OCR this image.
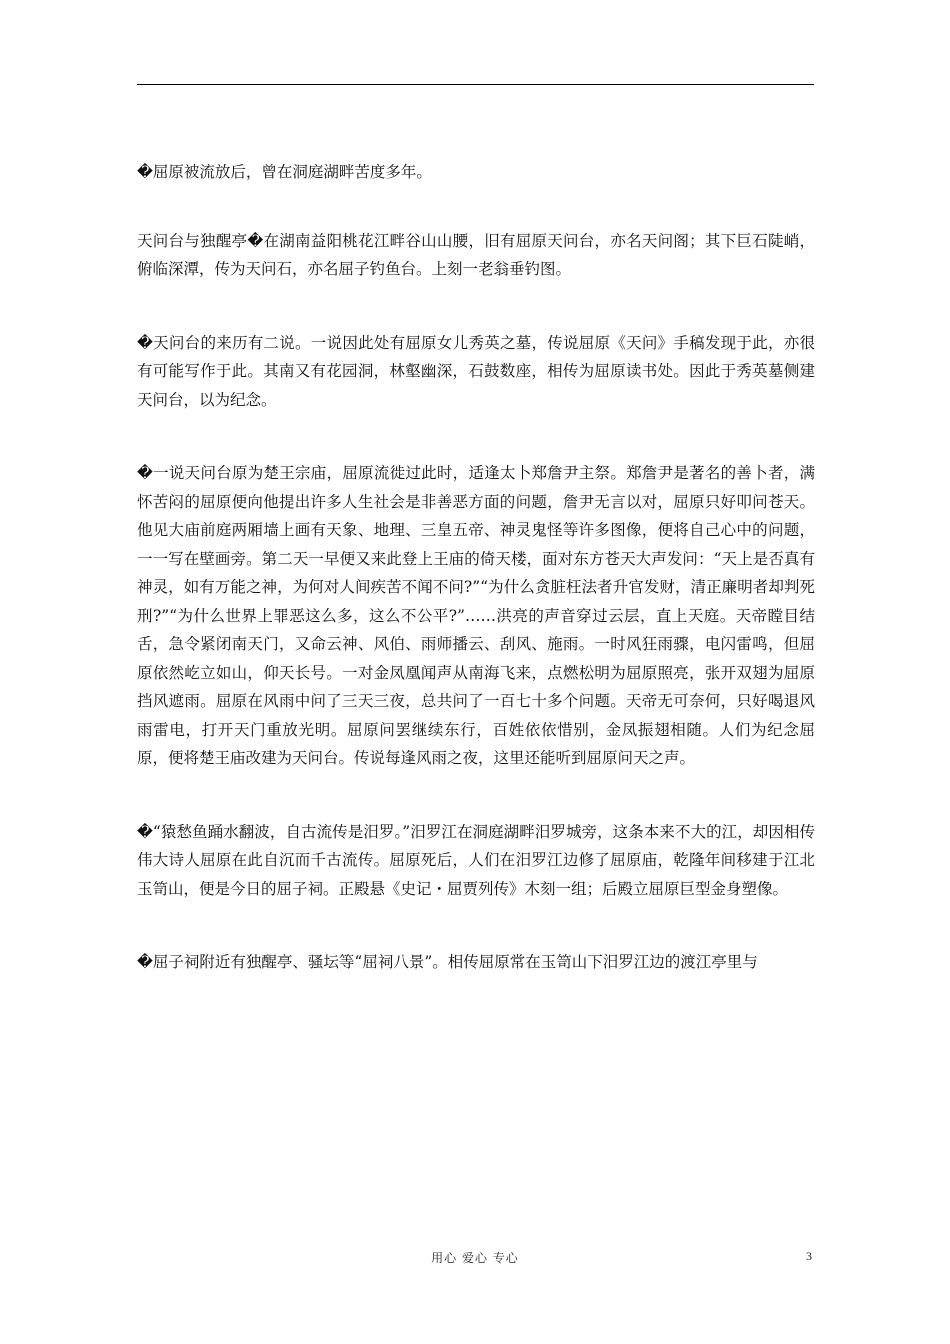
�屈原被流放后，曾在洞庭湖畔苦度多年。

天问台与独醒亭�在湖南益阳桃花江畔谷山山腰，旧有屈原天问台，亦名天问阁；其下巨石陡峭，俯临深潭，传为天问石，亦名屈子钓鱼台。上刻一老翁垂钓图。

�天问台的来历有二说。一说因此处有屈原女儿秀英之墓，传说屈原《天问》手稿发现于此，亦很有可能写作于此。其南又有花园洞，林壑幽深，石鼓数座，相传为屈原读书处。因此于秀英墓侧建天问台，以为纪念。

�一说天问台原为楚王宗庙，屈原流徙过此时，适逢太卜郑詹尹主祭。郑詹尹是著名的善卜者，满怀苦闷的屈原便向他提出许多人生社会是非善恶方面的问题，詹尹无言以对，屈原只好叩问苍天。他见大庙前庭两厢墙上画有天象、地理、三皇五帝、神灵鬼怪等许多图像，便将自己心中的问题，一一写在壁画旁。第二天一早便又来此登上王庙的倚天楼，面对东方苍天大声发问：“天上是否真有神灵，如有万能之神，为何对人间疾苦不闻不问?”“为什么贪脏枉法者升官发财，清正廉明者却判死刑?”“为什么世界上罪恶这么多，这么不公平?”……洪亮的声音穿过云层，直上天庭。天帝瞠目结舌，急令紧闭南天门，又命云神、风伯、雨师播云、刮风、施雨。一时风狂雨骤，电闪雷鸣，但屈原依然屹立如山，仰天长号。一对金凤凰闻声从南海飞来，点燃松明为屈原照亮，张开双翅为屈原挡风遮雨。屈原在风雨中问了三天三夜，总共问了一百七十多个问题。天帝无可奈何，只好喝退风雨雷电，打开天门重放光明。屈原问罢继续东行，百姓依依惜别，金凤振翅相随。人们为纪念屈原，便将楚王庙改建为天问台。传说每逢风雨之夜，这里还能听到屈原问天之声。

�“猿愁鱼踊水翻波，自古流传是汨罗。”汨罗江在洞庭湖畔汨罗城旁，这条本来不大的江，却因相传伟大诗人屈原在此自沉而千古流传。屈原死后，人们在汨罗江边修了屈原庙，乾隆年间移建于江北玉笥山，便是今日的屈子祠。正殿悬《史记・屈贾列传》木刻一组；后殿立屈原巨型金身塑像。

�屈子祠附近有独醒亭、骚坛等“屈祠八景”。相传屈原常在玉笥山下汨罗江边的渡江亭里与

用心 爱心 专心	3
